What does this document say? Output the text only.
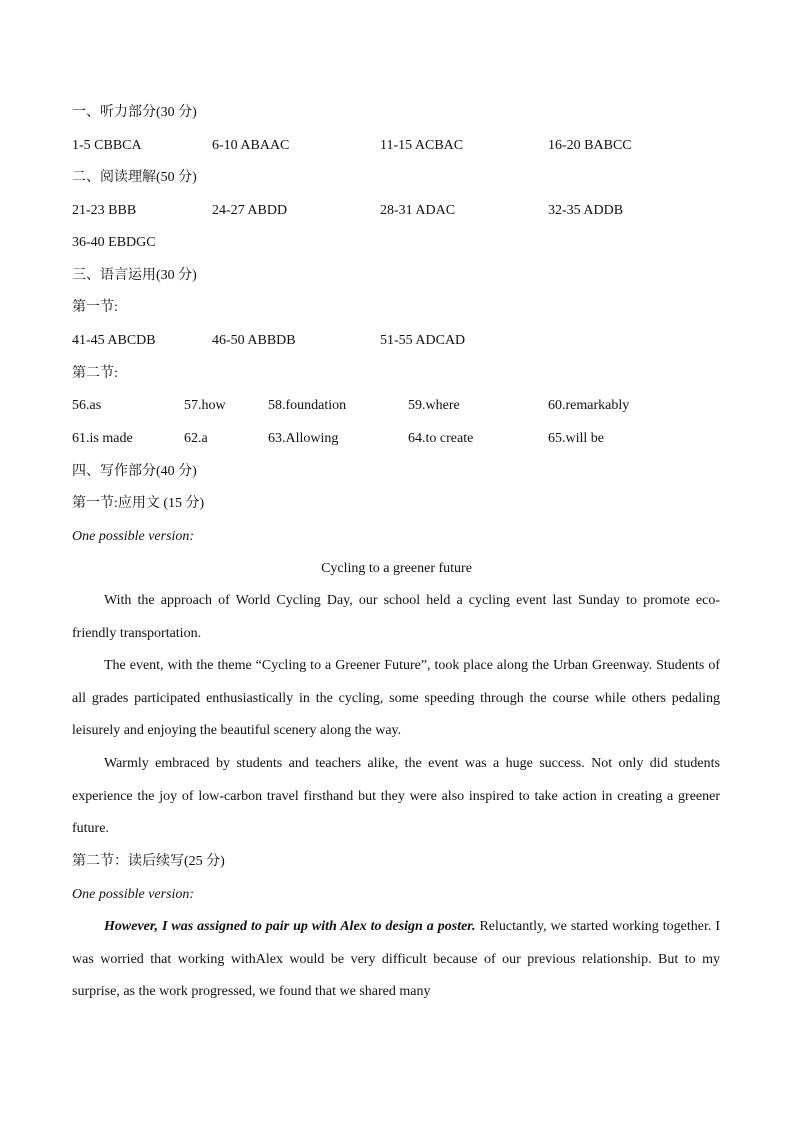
一、听力部分(30 分)
1-5 CBBCA	6-10 ABAAC	11-15 ACBAC	16-20 BABCC
二、阅读理解(50 分)
21-23 BBB	24-27 ABDD	28-31 ADAC	32-35 ADDB
36-40 EBDGC
三、语言运用(30 分)
第一节:
41-45 ABCDB	46-50 ABBDB	51-55 ADCAD
第二节:
56.as	57.how	58.foundation	59.where	60.remarkably
61.is made	62.a	63.Allowing	64.to create	65.will be
四、写作部分(40 分)
第一节:应用文 (15 分)
One possible version:
Cycling to a greener future
With the approach of World Cycling Day, our school held a cycling event last Sunday to promote eco-friendly transportation.
The event, with the theme “Cycling to a Greener Future”, took place along the Urban Greenway. Students of all grades participated enthusiastically in the cycling, some speeding through the course while others pedaling leisurely and enjoying the beautiful scenery along the way.
Warmly embraced by students and teachers alike, the event was a huge success. Not only did students experience the joy of low-carbon travel firsthand but they were also inspired to take action in creating a greener future.
第二节：读后续写(25 分)
One possible version:
However, I was assigned to pair up with Alex to design a poster. Reluctantly, we started working together. I was worried that working withAlex would be very difficult because of our previous relationship. But to my surprise, as the work progressed, we found that we shared many
